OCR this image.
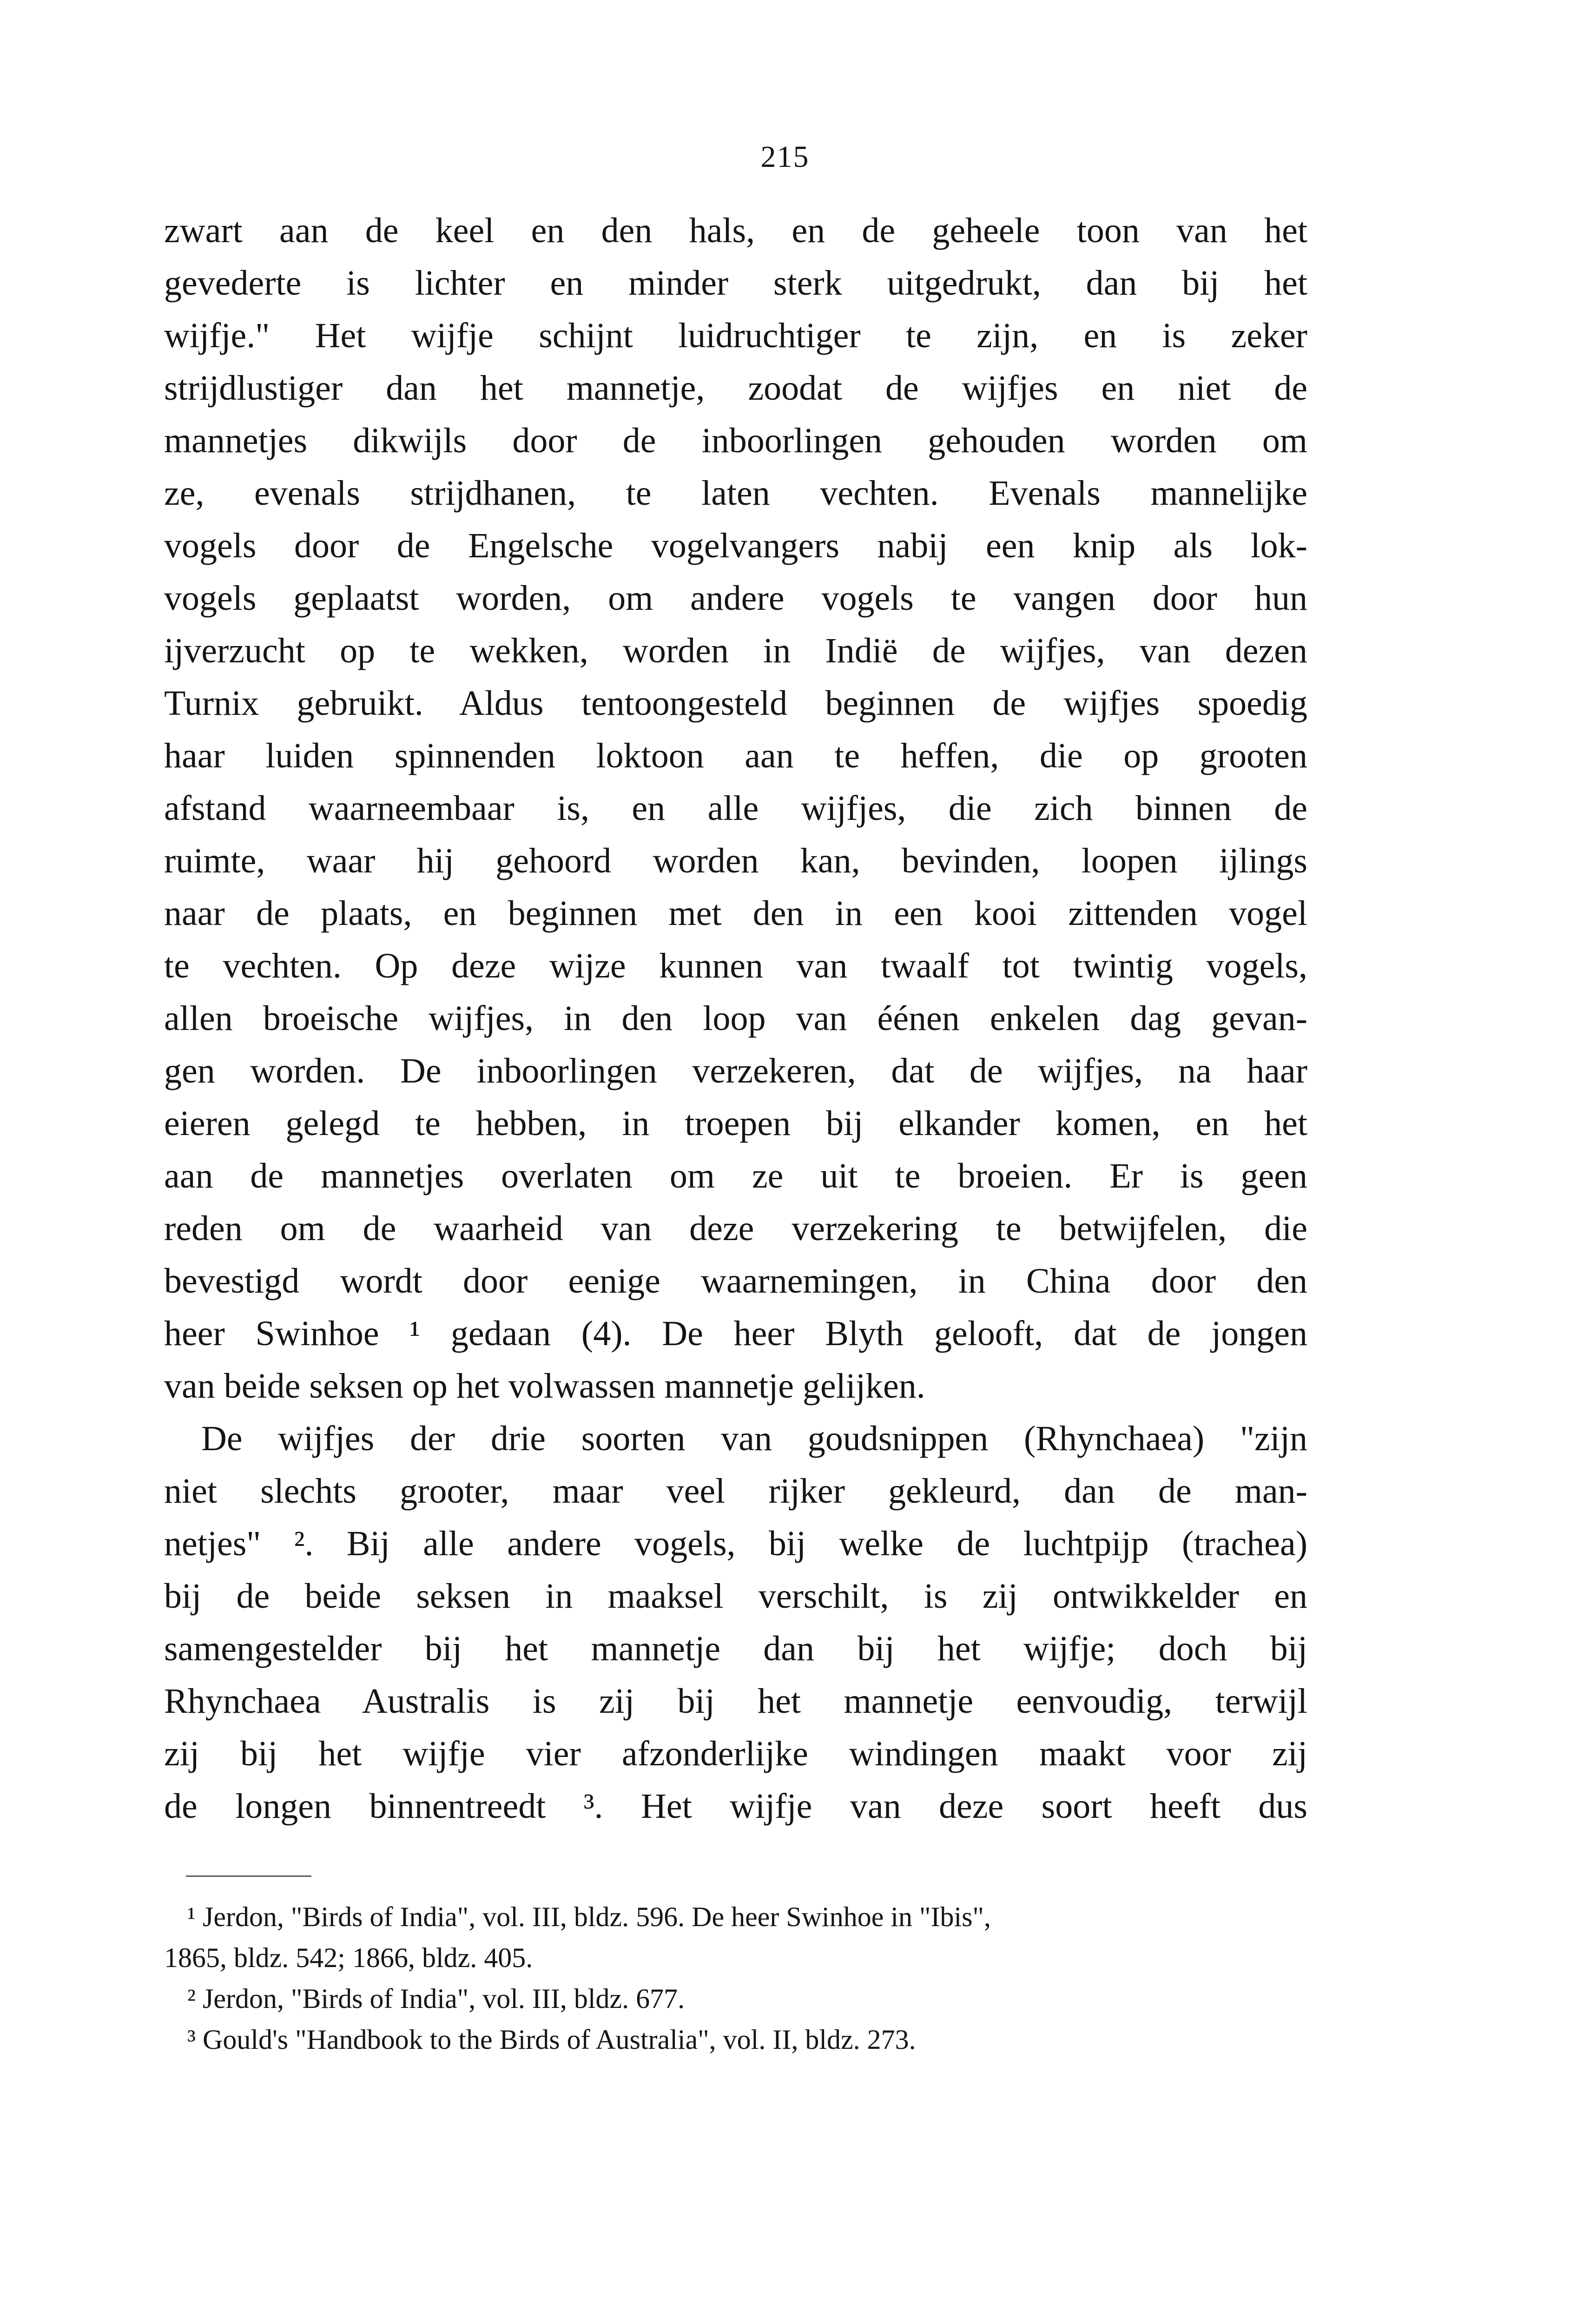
215
zwart aan de keel en den hals, en de geheele toon van het
gevederte is lichter en minder sterk uitgedrukt, dan bij het
wijfje." Het wijfje schijnt luidruchtiger te zijn, en is zeker
strijdlustiger dan het mannetje, zoodat de wijfjes en niet de
mannetjes dikwijls door de inboorlingen gehouden worden om
ze, evenals strijdhanen, te laten vechten. Evenals mannelijke
vogels door de Engelsche vogelvangers nabij een knip als lok-
vogels geplaatst worden, om andere vogels te vangen door hun
ijverzucht op te wekken, worden in Indië de wijfjes, van dezen
Turnix gebruikt. Aldus tentoongesteld beginnen de wijfjes spoedig
haar luiden spinnenden loktoon aan te heffen, die op grooten
afstand waarneembaar is, en alle wijfjes, die zich binnen de
ruimte, waar hij gehoord worden kan, bevinden, loopen ijlings
naar de plaats, en beginnen met den in een kooi zittenden vogel
te vechten. Op deze wijze kunnen van twaalf tot twintig vogels,
allen broeische wijfjes, in den loop van éénen enkelen dag gevan-
gen worden. De inboorlingen verzekeren, dat de wijfjes, na haar
eieren gelegd te hebben, in troepen bij elkander komen, en het
aan de mannetjes overlaten om ze uit te broeien. Er is geen
reden om de waarheid van deze verzekering te betwijfelen, die
bevestigd wordt door eenige waarnemingen, in China door den
heer Swinhoe ¹ gedaan (4). De heer Blyth gelooft, dat de jongen
van beide seksen op het volwassen mannetje gelijken.
De wijfjes der drie soorten van goudsnippen (Rhynchaea) "zijn
niet slechts grooter, maar veel rijker gekleurd, dan de man-
netjes" ². Bij alle andere vogels, bij welke de luchtpijp (trachea)
bij de beide seksen in maaksel verschilt, is zij ontwikkelder en
samengestelder bij het mannetje dan bij het wijfje; doch bij
Rhynchaea Australis is zij bij het mannetje eenvoudig, terwijl
zij bij het wijfje vier afzonderlijke windingen maakt voor zij
de longen binnentreedt ³. Het wijfje van deze soort heeft dus
¹ Jerdon, "Birds of India", vol. III, bldz. 596. De heer Swinhoe in "Ibis",
1865, bldz. 542; 1866, bldz. 405.
² Jerdon, "Birds of India", vol. III, bldz. 677.
³ Gould's "Handbook to the Birds of Australia", vol. II, bldz. 273.
